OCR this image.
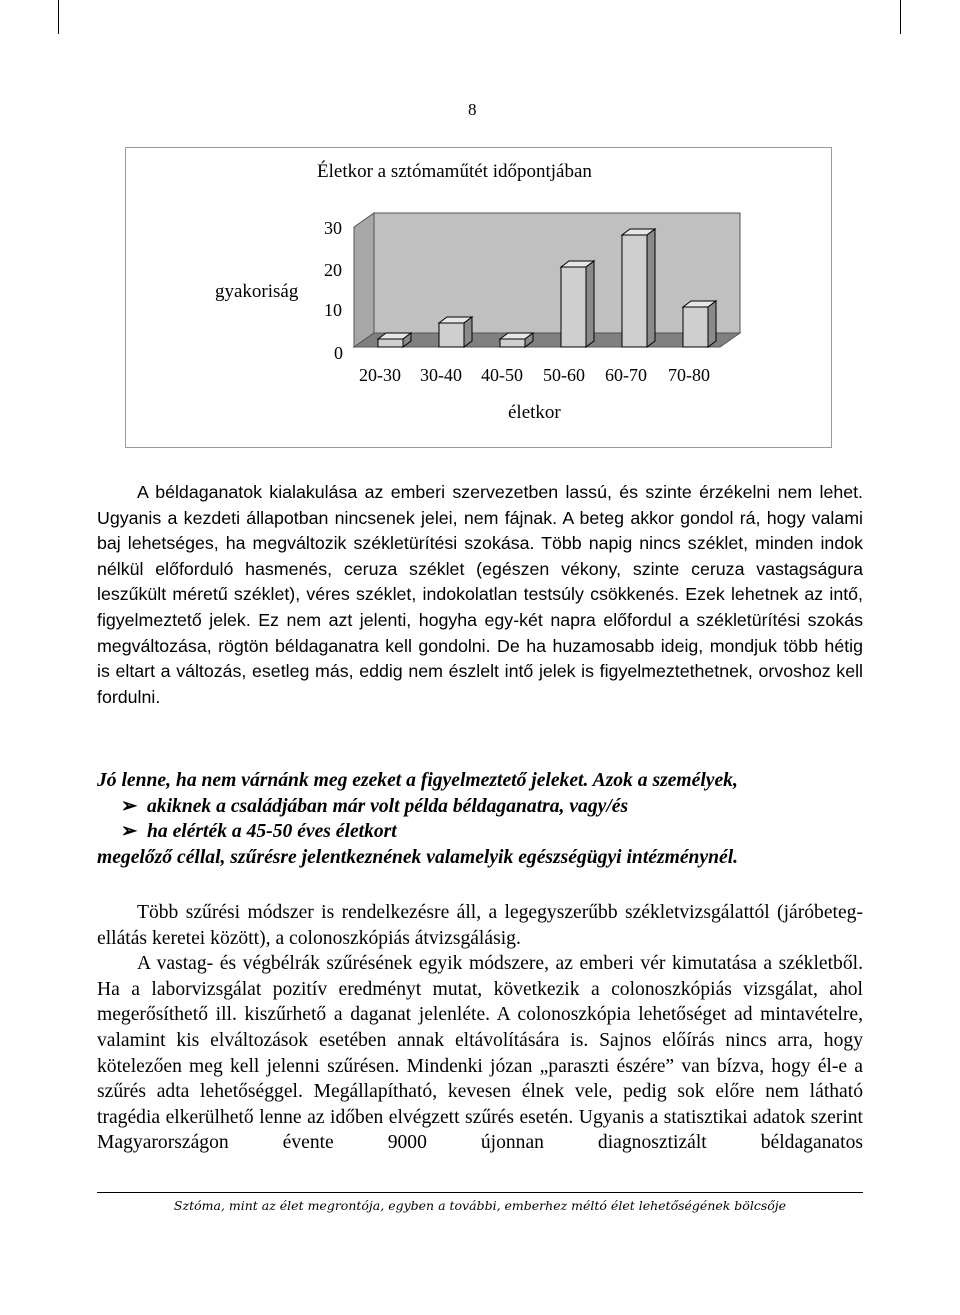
8
Életkor a sztómaműtét időpontjában
gyakoriság
életkor
30
20
10
0
20-30 30-40 40-50 50-60 60-70 70-80

A béldaganatok kialakulása az emberi szervezetben lassú, és szinte érzékelni nem lehet. Ugyanis a kezdeti állapotban nincsenek jelei, nem fájnak. A beteg akkor gondol rá, hogy valami baj lehetséges, ha megváltozik székletürítési szokása. Több napig nincs széklet, minden indok nélkül előforduló hasmenés, ceruza széklet (egészen vékony, szinte ceruza vastagságura leszűkült méretű széklet), véres széklet, indokolatlan testsúly csökkenés. Ezek lehetnek az intő, figyelmeztető jelek. Ez nem azt jelenti, hogyha egy-két napra előfordul a székletürítési szokás megváltozása, rögtön béldaganatra kell gondolni. De ha huzamosabb ideig, mondjuk több hétig is eltart a változás, esetleg más, eddig nem észlelt intő jelek is figyelmeztethetnek, orvoshoz kell fordulni.

Jó lenne, ha nem várnánk meg ezeket a figyelmeztető jeleket. Azok a személyek,
➢ akiknek a családjában már volt példa béldaganatra, vagy/és
➢ ha elérték a 45-50 éves életkort
megelőző céllal, szűrésre jelentkeznének valamelyik egészségügyi intézménynél.

Több szűrési módszer is rendelkezésre áll, a legegyszerűbb székletvizsgálattól (járóbeteg-ellátás keretei között), a colonoszkópiás átvizsgálásig.

A vastag- és végbélrák szűrésének egyik módszere, az emberi vér kimutatása a székletből. Ha a laborvizsgálat pozitív eredményt mutat, következik a colonoszkópiás vizsgálat, ahol megerősíthető ill. kiszűrhető a daganat jelenléte. A colonoszkópia lehetőséget ad mintavételre, valamint kis elváltozások esetében annak eltávolítására is. Sajnos előírás nincs arra, hogy kötelezően meg kell jelenni szűrésen. Mindenki józan „paraszti észére” van bízva, hogy él-e a szűrés adta lehetőséggel. Megállapítható, kevesen élnek vele, pedig sok előre nem látható tragédia elkerülhető lenne az időben elvégzett szűrés esetén. Ugyanis a statisztikai adatok szerint Magyarországon évente 9000 újonnan diagnosztizált béldaganatos

Sztóma, mint az élet megrontója, egyben a további, emberhez méltó élet lehetőségének bölcsője
